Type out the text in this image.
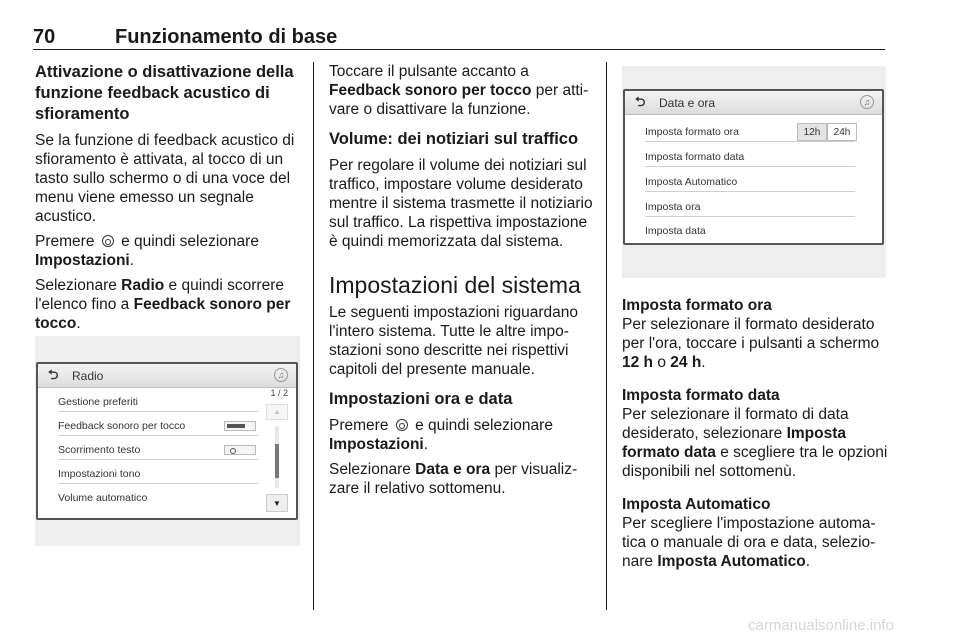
70	Funzionamento di base
Attivazione o disattivazione della funzione feedback acustico di sfioramento

Se la funzione di feedback acustico di sfioramento è attivata, al tocco di un tasto sullo schermo o di una voce del menu viene emesso un segnale acustico.

Premere e quindi selezionare Impostazioni.

Selezionare Radio e quindi scorrere l'elenco fino a Feedback sonoro per tocco.

⮌ Radio	♫
Gestione preferiti
Feedback sonoro per tocco
Scorrimento testo
Impostazioni tono
Volume automatico
1 / 2
▲
▼

Toccare il pulsante accanto a Feedback sonoro per tocco per attivare o disattivare la funzione.

Volume: dei notiziari sul traffico

Per regolare il volume dei notiziari sul traffico, impostare volume desiderato mentre il sistema trasmette il notiziario sul traffico. La rispettiva impostazione è quindi memorizzata dal sistema.

Impostazioni del sistema

Le seguenti impostazioni riguardano l'intero sistema. Tutte le altre impostazioni sono descritte nei rispettivi capitoli del presente manuale.

Impostazioni ora e data

Premere e quindi selezionare Impostazioni.

Selezionare Data e ora per visualizzare il relativo sottomenu.

⮌ Data e ora	♫
Imposta formato ora	12h	24h
Imposta formato data
Imposta Automatico
Imposta ora
Imposta data
Imposta formato ora

Per selezionare il formato desiderato per l'ora, toccare i pulsanti a schermo 12 h o 24 h.

Imposta formato data

Per selezionare il formato di data desiderato, selezionare Imposta formato data e scegliere tra le opzioni disponibili nel sottomenù.

Imposta Automatico

Per scegliere l'impostazione automatica o manuale di ora e data, selezionare Imposta Automatico.

carmanualsonline.info
